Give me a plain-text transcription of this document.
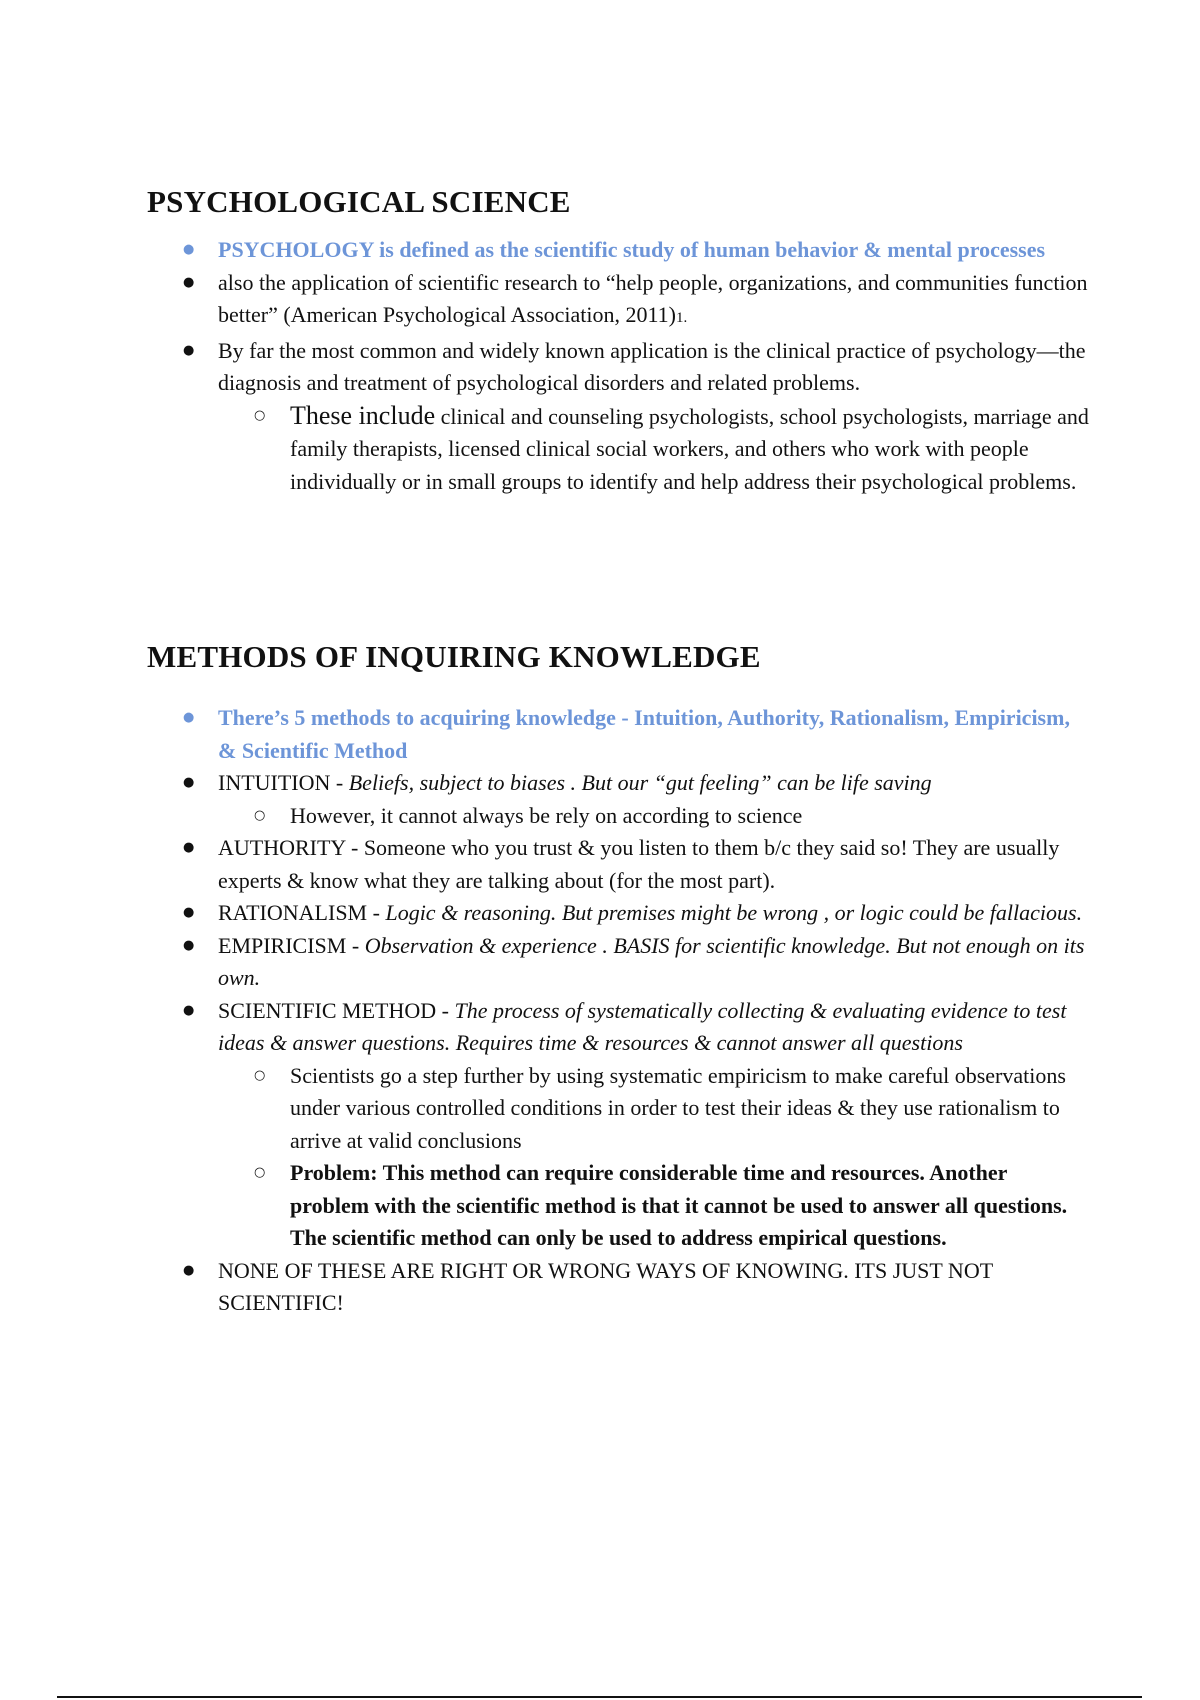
PSYCHOLOGICAL SCIENCE
● PSYCHOLOGY is defined as the scientific study of human behavior & mental processes
● also the application of scientific research to “help people, organizations, and communities function better” (American Psychological Association, 2011)1.
● By far the most common and widely known application is the clinical practice of psychology—the diagnosis and treatment of psychological disorders and related problems.
○ These include clinical and counseling psychologists, school psychologists, marriage and family therapists, licensed clinical social workers, and others who work with people individually or in small groups to identify and help address their psychological problems.
METHODS OF INQUIRING KNOWLEDGE
● There’s 5 methods to acquiring knowledge - Intuition, Authority, Rationalism, Empiricism, & Scientific Method
● INTUITION - Beliefs, subject to biases . But our “gut feeling” can be life saving
○ However, it cannot always be rely on according to science
● AUTHORITY - Someone who you trust & you listen to them b/c they said so! They are usually experts & know what they are talking about (for the most part).
● RATIONALISM - Logic & reasoning. But premises might be wrong , or logic could be fallacious.
● EMPIRICISM - Observation & experience . BASIS for scientific knowledge. But not enough on its own.
● SCIENTIFIC METHOD - The process of systematically collecting & evaluating evidence to test ideas & answer questions. Requires time & resources & cannot answer all questions
○ Scientists go a step further by using systematic empiricism to make careful observations under various controlled conditions in order to test their ideas & they use rationalism to arrive at valid conclusions
○ Problem: This method can require considerable time and resources. Another problem with the scientific method is that it cannot be used to answer all questions. The scientific method can only be used to address empirical questions.
● NONE OF THESE ARE RIGHT OR WRONG WAYS OF KNOWING. ITS JUST NOT SCIENTIFIC!
